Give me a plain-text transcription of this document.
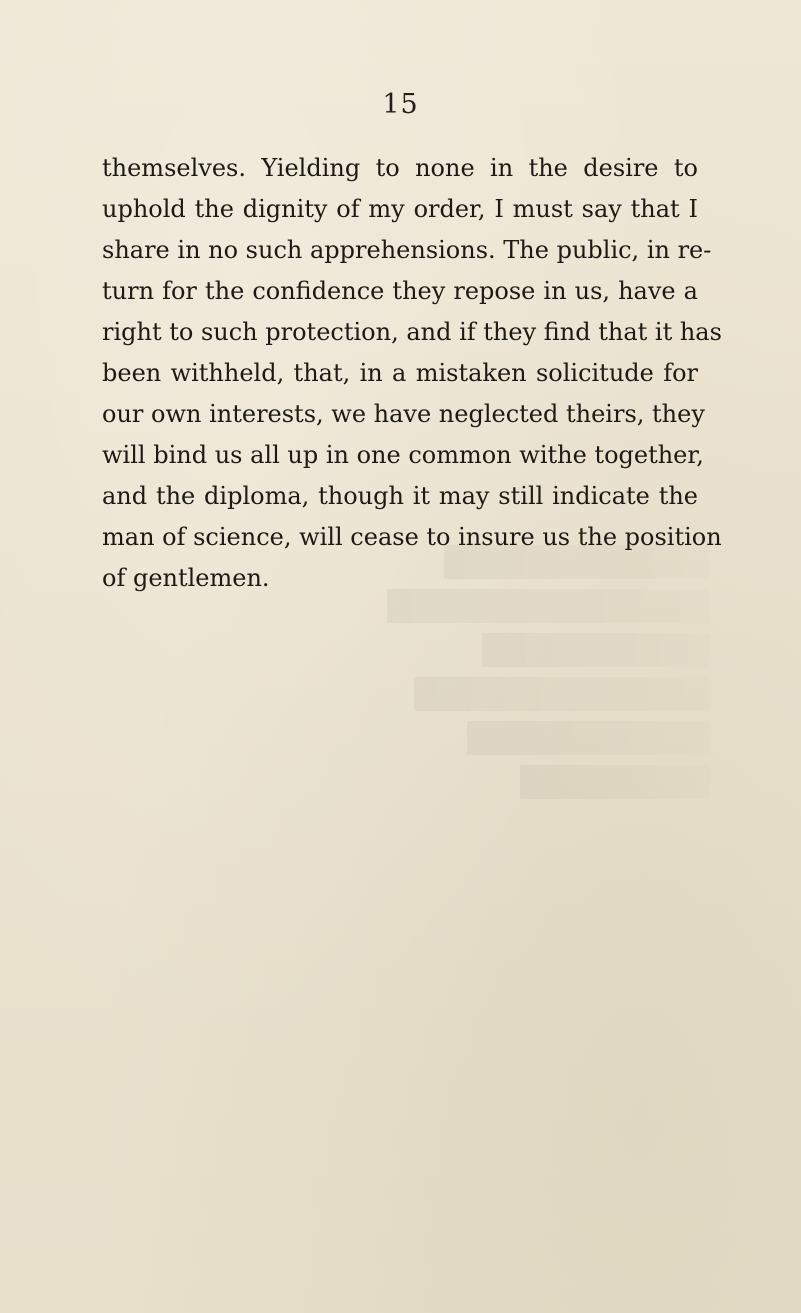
15
themselves. Yielding to none in the desire to
uphold the dignity of my order, I must say that I
share in no such apprehensions. The public, in re-
turn for the confidence they repose in us, have a
right to such protection, and if they find that it has
been withheld, that, in a mistaken solicitude for
our own interests, we have neglected theirs, they
will bind us all up in one common withe together,
and the diploma, though it may still indicate the
man of science, will cease to insure us the position
of gentlemen.
